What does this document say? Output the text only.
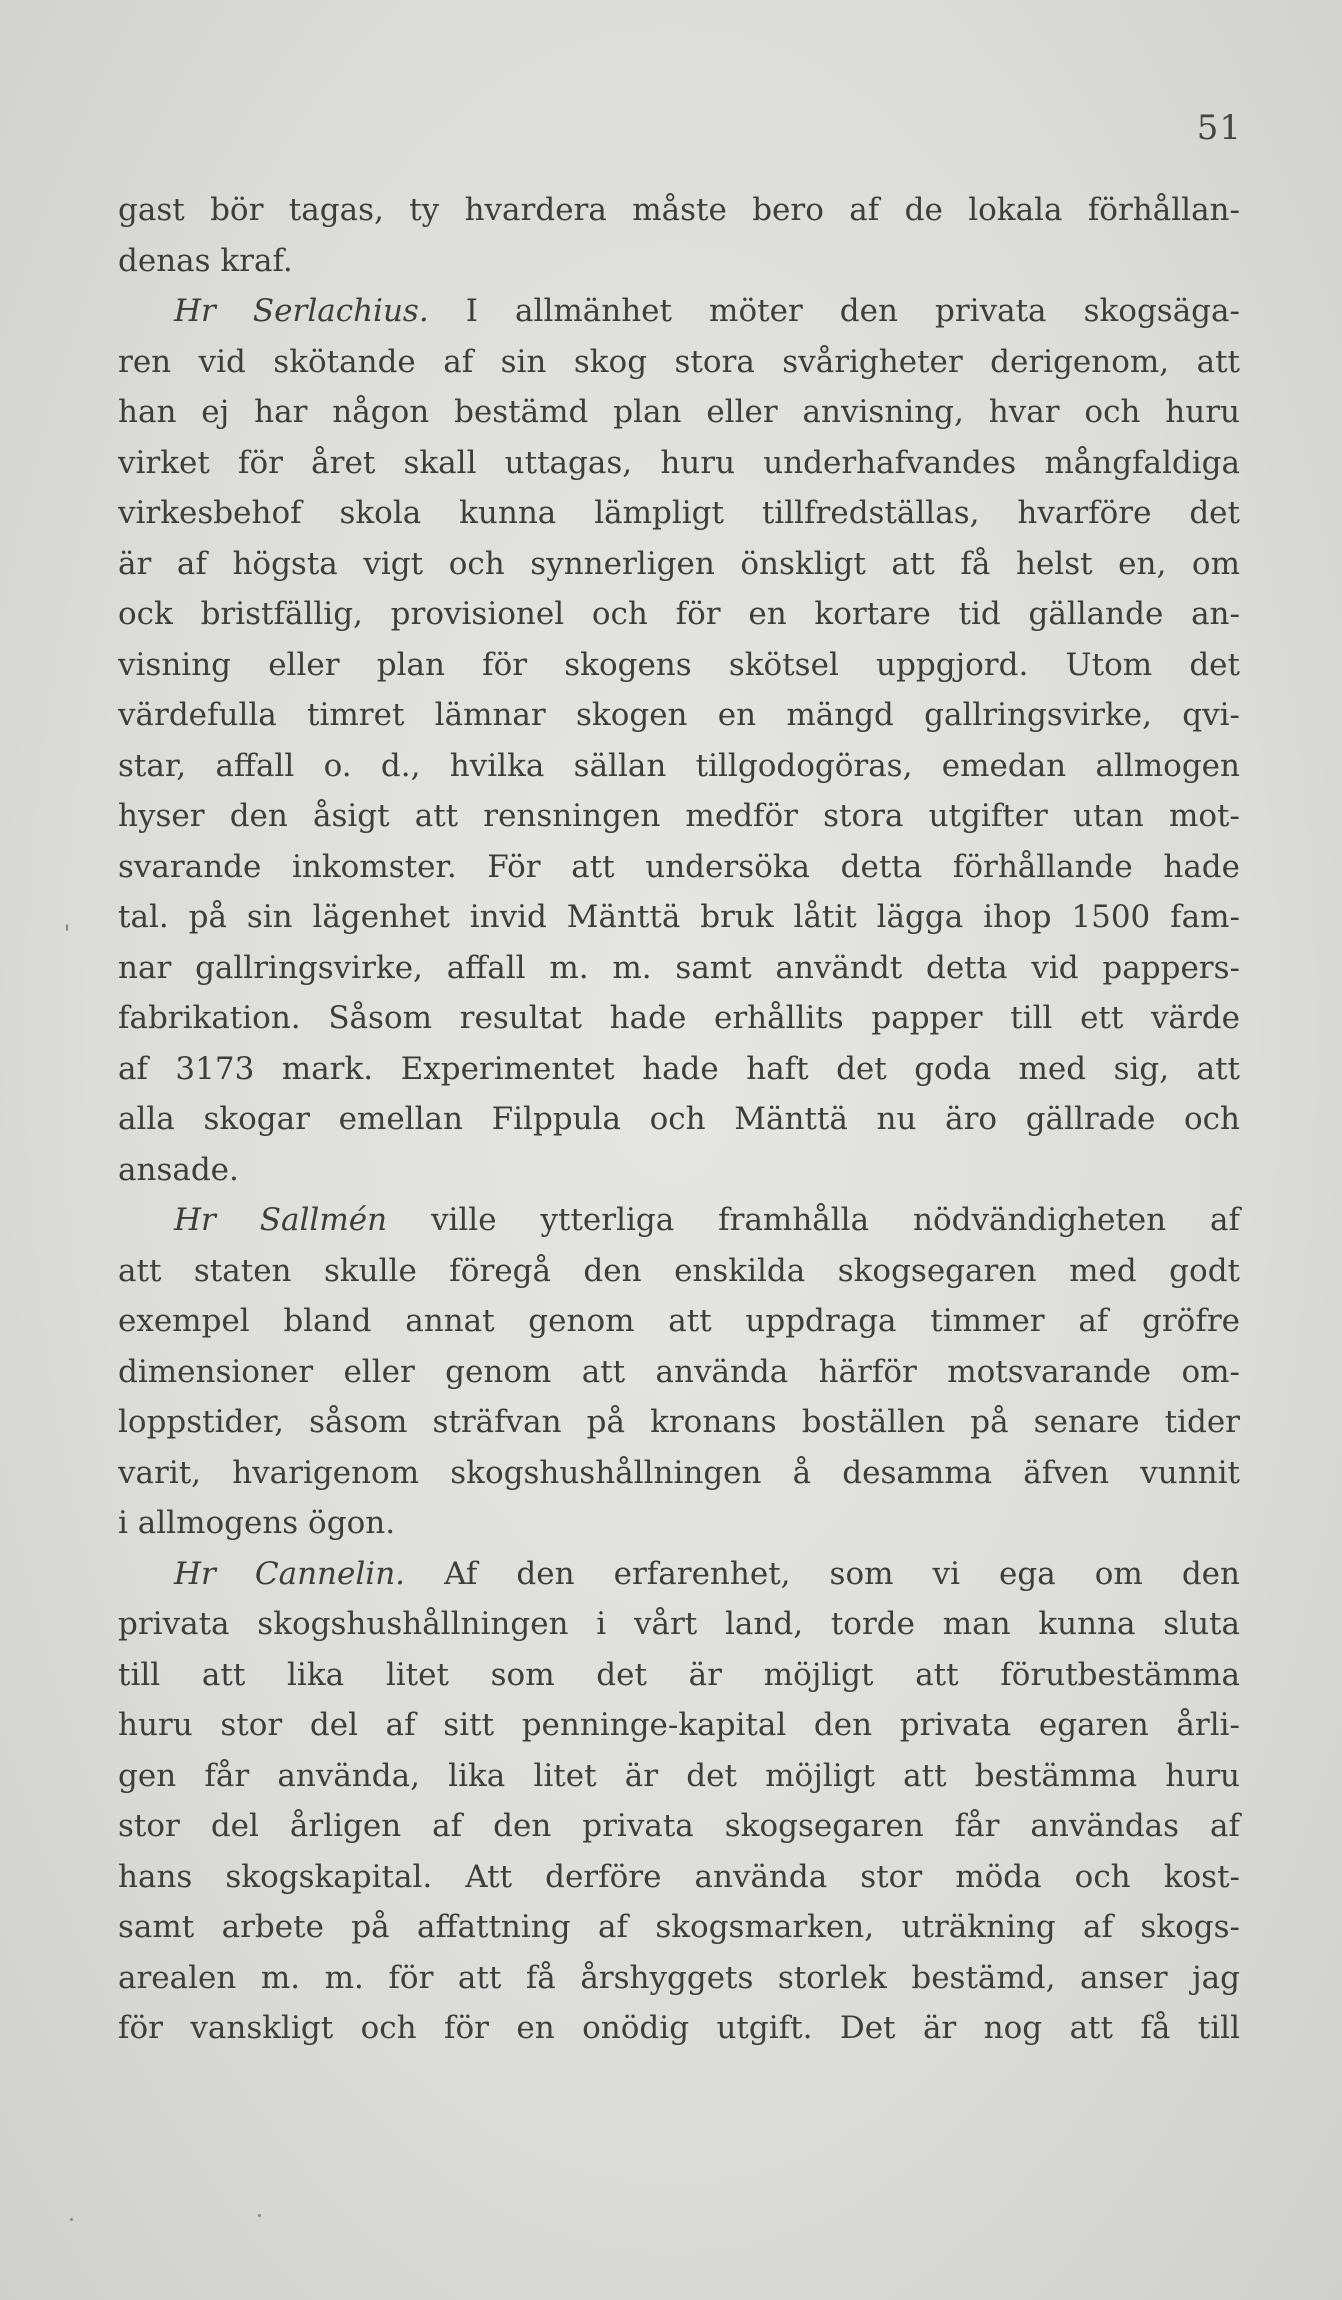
51
'
gast bör tagas, ty hvardera måste bero af de lokala förhållan-
denas kraf.
Hr Serlachius. I allmänhet möter den privata skogsäga-
ren vid skötande af sin skog stora svårigheter derigenom, att
han ej har någon bestämd plan eller anvisning, hvar och huru
virket för året skall uttagas, huru underhafvandes mångfaldiga
virkesbehof skola kunna lämpligt tillfredställas, hvarföre det
är af högsta vigt och synnerligen önskligt att få helst en, om
ock bristfällig, provisionel och för en kortare tid gällande an-
visning eller plan för skogens skötsel uppgjord. Utom det
värdefulla timret lämnar skogen en mängd gallringsvirke, qvi-
star, affall o. d., hvilka sällan tillgodogöras, emedan allmogen
hyser den åsigt att rensningen medför stora utgifter utan mot-
svarande inkomster. För att undersöka detta förhållande hade
tal. på sin lägenhet invid Mänttä bruk låtit lägga ihop 1500 fam-
nar gallringsvirke, affall m. m. samt användt detta vid pappers-
fabrikation. Såsom resultat hade erhållits papper till ett värde
af 3173 mark. Experimentet hade haft det goda med sig, att
alla skogar emellan Filppula och Mänttä nu äro gällrade och
ansade.
Hr Sallmén ville ytterliga framhålla nödvändigheten af
att staten skulle föregå den enskilda skogsegaren med godt
exempel bland annat genom att uppdraga timmer af gröfre
dimensioner eller genom att använda härför motsvarande om-
loppstider, såsom sträfvan på kronans boställen på senare tider
varit, hvarigenom skogshushållningen å desamma äfven vunnit
i allmogens ögon.
Hr Cannelin. Af den erfarenhet, som vi ega om den
privata skogshushållningen i vårt land, torde man kunna sluta
till att lika litet som det är möjligt att förutbestämma
huru stor del af sitt penninge-kapital den privata egaren årli-
gen får använda, lika litet är det möjligt att bestämma huru
stor del årligen af den privata skogsegaren får användas af
hans skogskapital. Att derföre använda stor möda och kost-
samt arbete på affattning af skogsmarken, uträkning af skogs-
arealen m. m. för att få årshyggets storlek bestämd, anser jag
för vanskligt och för en onödig utgift. Det är nog att få till
